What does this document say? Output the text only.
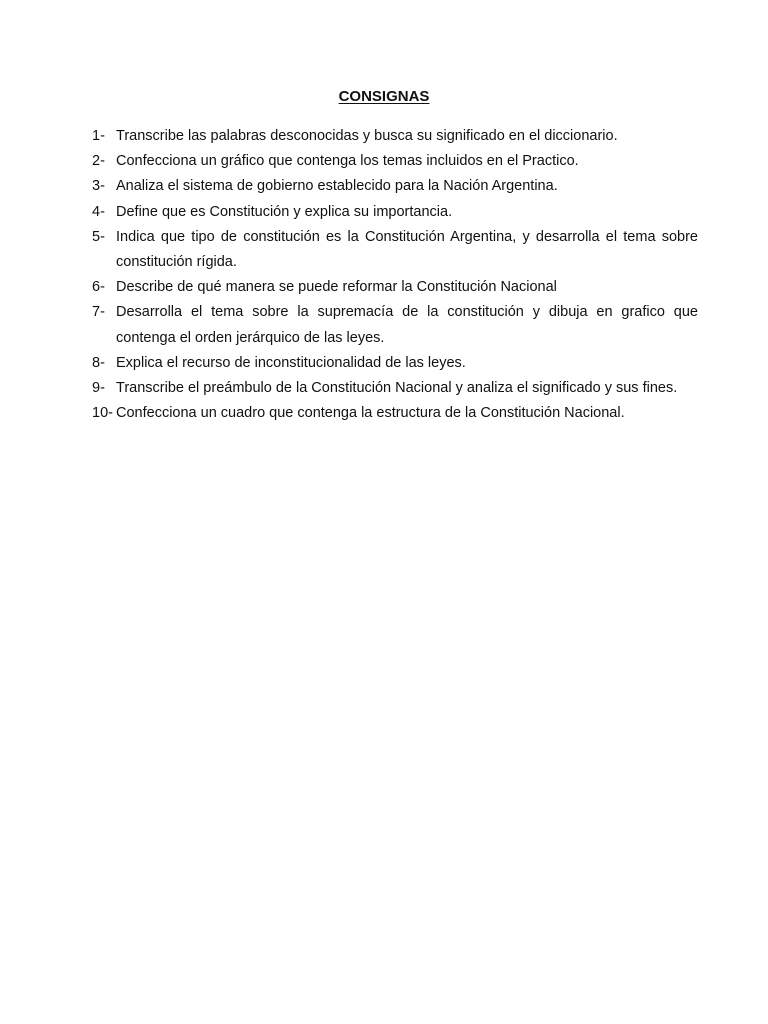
CONSIGNAS
1- Transcribe las palabras desconocidas y busca su significado en el diccionario.
2- Confecciona un gráfico que contenga los temas incluidos en el Practico.
3- Analiza el sistema de gobierno establecido para la Nación Argentina.
4- Define que es Constitución y explica su importancia.
5- Indica que tipo de constitución es la Constitución Argentina, y desarrolla el tema sobre constitución rígida.
6- Describe de qué manera se puede reformar la Constitución Nacional
7- Desarrolla el tema sobre la supremacía de la constitución y dibuja en grafico que contenga el orden jerárquico de las leyes.
8- Explica el recurso de inconstitucionalidad de las leyes.
9- Transcribe el preámbulo de la Constitución Nacional y analiza el significado y sus fines.
10- Confecciona un cuadro que contenga la estructura de la Constitución Nacional.
